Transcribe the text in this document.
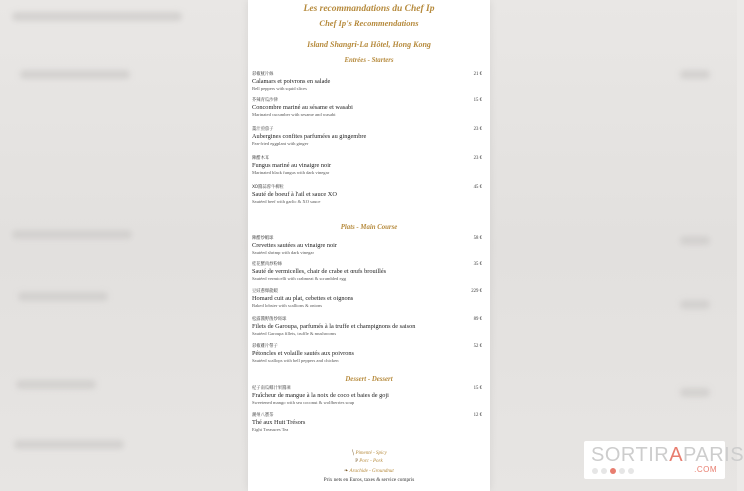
Les recommandations du Chef Ip
Chef Ip's Recommendations
Island Shangri-La Hôtel, Hong Kong
Entrées - Starters
彩椒魷片絲
Calamars et poivrons en salade
Bell peppers with squid slices
21 €
芥辣青瓜沙律
Concombre mariné au sésame et wasabi
Marinated cucumber with sesame and wasabi
15 €
薑汁煎茄子
Aubergines confites parfumées au gingembre
Pan-fried eggplant with ginger
23 €
陳醋木耳
Fungus mariné au vinaigre noir
Marinated black fungus with dark vinegar
23 €
XO醬蒜蓉牛柳粒
Sauté de boeuf à l'ail et sauce XO
Sautéed beef with garlic & XO sauce
45 €
Plats - Main Course
陳醋炒蝦球
Crevettes sautées au vinaigre noir
Sautéed shrimp with dark vinegar
58 €
桂花蟹肉炒粉絲
Sauté de vermicelles, chair de crabe et œufs brouillés
Sautéed vermicelli with crabmeat & scrambled egg
35 €
豆豉蔥爆龍蝦
Homard cuit au plat, cebettes et oignons
Baked lobster with scallions & onions
229 €
松露醬野菌炒斑球
Filets de Garoupa, parfumés à la truffe et champignons de saison
Sautéed Garoupa fillets, truffle & mushrooms
89 €
彩椒雞片帶子
Pétoncles et volaille sautés aux poivrons
Sautéed scallops with bell peppers and chicken
52 €
Dessert - Dessert
杞子南瓜椰汁果醬凍
Fraîcheur de mangue à la noix de coco et baies de goji
Sweetened mango with sea coconut & wolfberries soup
15 €
潮州八寶茶
Thé aux Huit Trésors
Eight Treasures Tea
12 €
╲ Pimenté - Spicy
P Porc - Pork
❧ Arachide - Groundnut
Prix nets en Euros, taxes & service compris
SORTIRAPARIS
.COM
